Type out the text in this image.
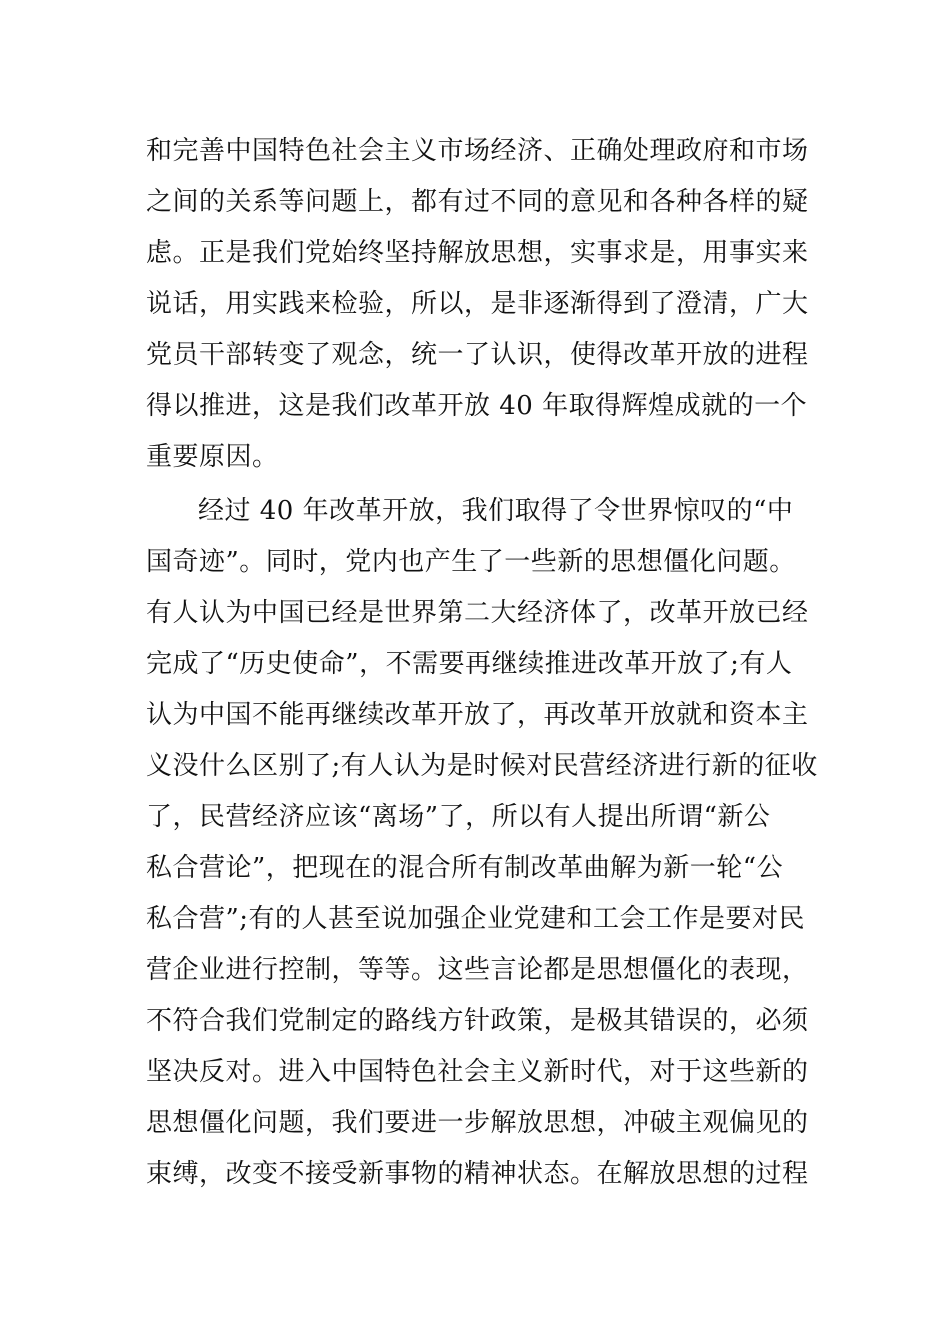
和完善中国特色社会主义市场经济、正确处理政府和市场
之间的关系等问题上，都有过不同的意见和各种各样的疑
虑。正是我们党始终坚持解放思想，实事求是，用事实来
说话，用实践来检验，所以，是非逐渐得到了澄清，广大
党员干部转变了观念，统一了认识，使得改革开放的进程
得以推进，这是我们改革开放 40 年取得辉煌成就的一个
重要原因。
经过 40 年改革开放，我们取得了令世界惊叹的“中
国奇迹”。同时，党内也产生了一些新的思想僵化问题。
有人认为中国已经是世界第二大经济体了，改革开放已经
完成了“历史使命”，不需要再继续推进改革开放了;有人
认为中国不能再继续改革开放了，再改革开放就和资本主
义没什么区别了;有人认为是时候对民营经济进行新的征收
了，民营经济应该“离场”了，所以有人提出所谓“新公
私合营论”，把现在的混合所有制改革曲解为新一轮“公
私合营”;有的人甚至说加强企业党建和工会工作是要对民
营企业进行控制，等等。这些言论都是思想僵化的表现，
不符合我们党制定的路线方针政策，是极其错误的，必须
坚决反对。进入中国特色社会主义新时代，对于这些新的
思想僵化问题，我们要进一步解放思想，冲破主观偏见的
束缚，改变不接受新事物的精神状态。在解放思想的过程
